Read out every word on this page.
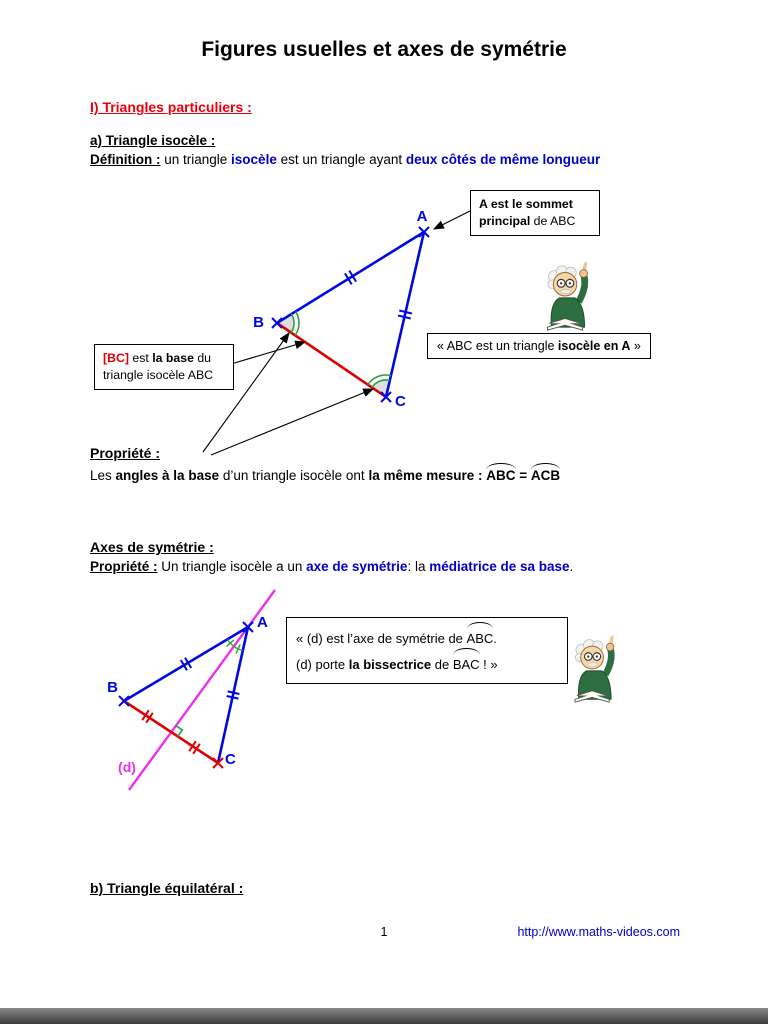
Figures usuelles et axes de symétrie
I) Triangles particuliers :
a) Triangle isocèle :
Définition : un triangle isocèle est un triangle ayant deux côtés de même longueur
A
B
C
A est le sommet
principal de ABC
« ABC est un triangle isocèle en A »
[BC] est la base du triangle isocèle ABC
Propriété :
Les angles à la base d’un triangle isocèle ont la même mesure : ABC = ACB
Axes de symétrie :
Propriété : Un triangle isocèle a un axe de symétrie: la médiatrice de sa base.
A
B
C
(d)
« (d) est l’axe de symétrie de ABC.
(d) porte la bissectrice de BAC ! »
b) Triangle équilatéral :
1	http://www.maths-videos.com
